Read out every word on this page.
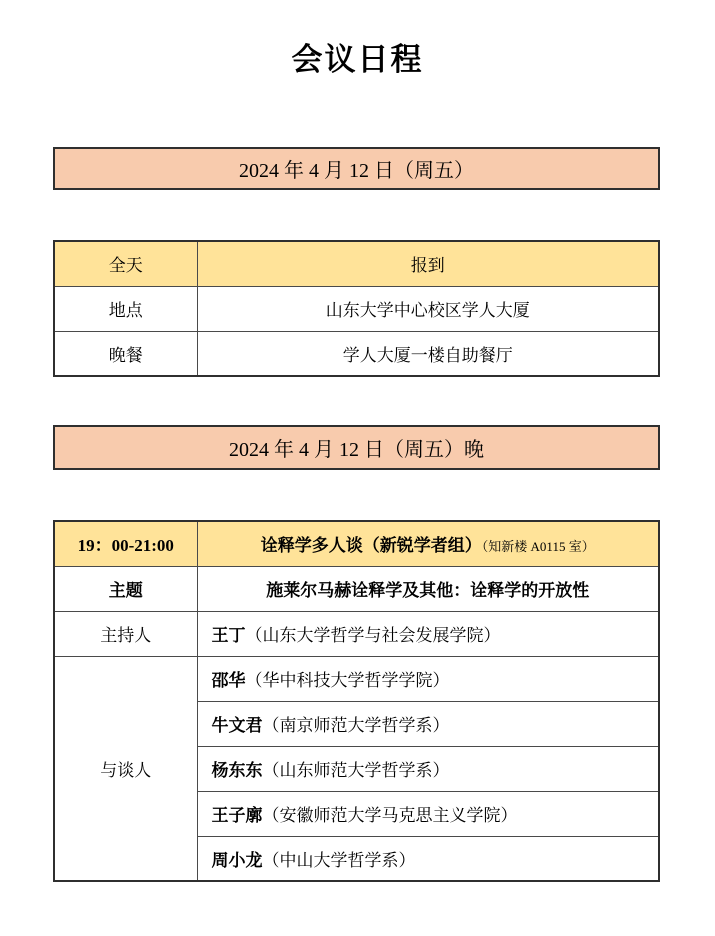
会议日程
2024 年 4 月 12 日（周五）
全天	报到
地点	山东大学中心校区学人大厦
晚餐	学人大厦一楼自助餐厅
2024 年 4 月 12 日（周五）晚
19：00-21:00	诠释学多人谈（新锐学者组）（知新楼 A0115 室）
主题	施莱尔马赫诠释学及其他：诠释学的开放性
主持人	王丁（山东大学哲学与社会发展学院）
与谈人	邵华（华中科技大学哲学学院）
	牛文君（南京师范大学哲学系）
	杨东东（山东师范大学哲学系）
	王子廓（安徽师范大学马克思主义学院）
	周小龙（中山大学哲学系）
